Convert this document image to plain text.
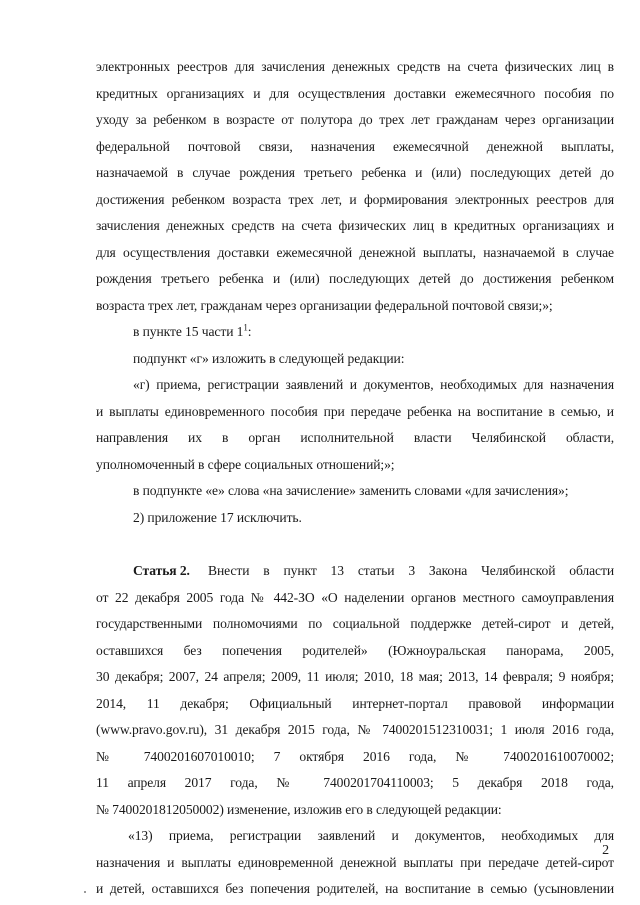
электронных реестров для зачисления денежных средств на счета физических лиц в
кредитных организациях и для осуществления доставки ежемесячного пособия по
уходу за ребенком в возрасте от полутора до трех лет гражданам через организации
федеральной почтовой связи, назначения ежемесячной денежной выплаты,
назначаемой в случае рождения третьего ребенка и (или) последующих детей до
достижения ребенком возраста трех лет, и формирования электронных реестров для
зачисления денежных средств на счета физических лиц в кредитных организациях и
для осуществления доставки ежемесячной денежной выплаты, назначаемой в случае
рождения третьего ребенка и (или) последующих детей до достижения ребенком
возраста трех лет, гражданам через организации федеральной почтовой связи;»;
в пункте 15 части $1^1$:
подпункт «г» изложить в следующей редакции:
«г) приема, регистрации заявлений и документов, необходимых для назначения
и выплаты единовременного пособия при передаче ребенка на воспитание в семью, и
направления их в орган исполнительной власти Челябинской области,
уполномоченный в сфере социальных отношений;»;
в подпункте «е» слова «на зачисление» заменить словами «для зачисления»;
2) приложение 17 исключить.
Статья 2. Внести в пункт 13 статьи 3 Закона Челябинской области
от 22 декабря 2005 года № 442-ЗО «О наделении органов местного самоуправления
государственными полномочиями по социальной поддержке детей-сирот и детей,
оставшихся без попечения родителей» (Южноуральская панорама, 2005,
30 декабря; 2007, 24 апреля; 2009, 11 июля; 2010, 18 мая; 2013, 14 февраля; 9 ноября;
2014, 11 декабря; Официальный интернет-портал правовой информации
(www.pravo.gov.ru), 31 декабря 2015 года, № 7400201512310031; 1 июля 2016 года,
№ 7400201607010010; 7 октября 2016 года, № 7400201610070002;
11 апреля 2017 года, № 7400201704110003; 5 декабря 2018 года,
№ 7400201812050002) изменение, изложив его в следующей редакции:
«13) приема, регистрации заявлений и документов, необходимых для
назначения и выплаты единовременной денежной выплаты при передаче детей-сирот
и детей, оставшихся без попечения родителей, на воспитание в семью (усыновлении
2
